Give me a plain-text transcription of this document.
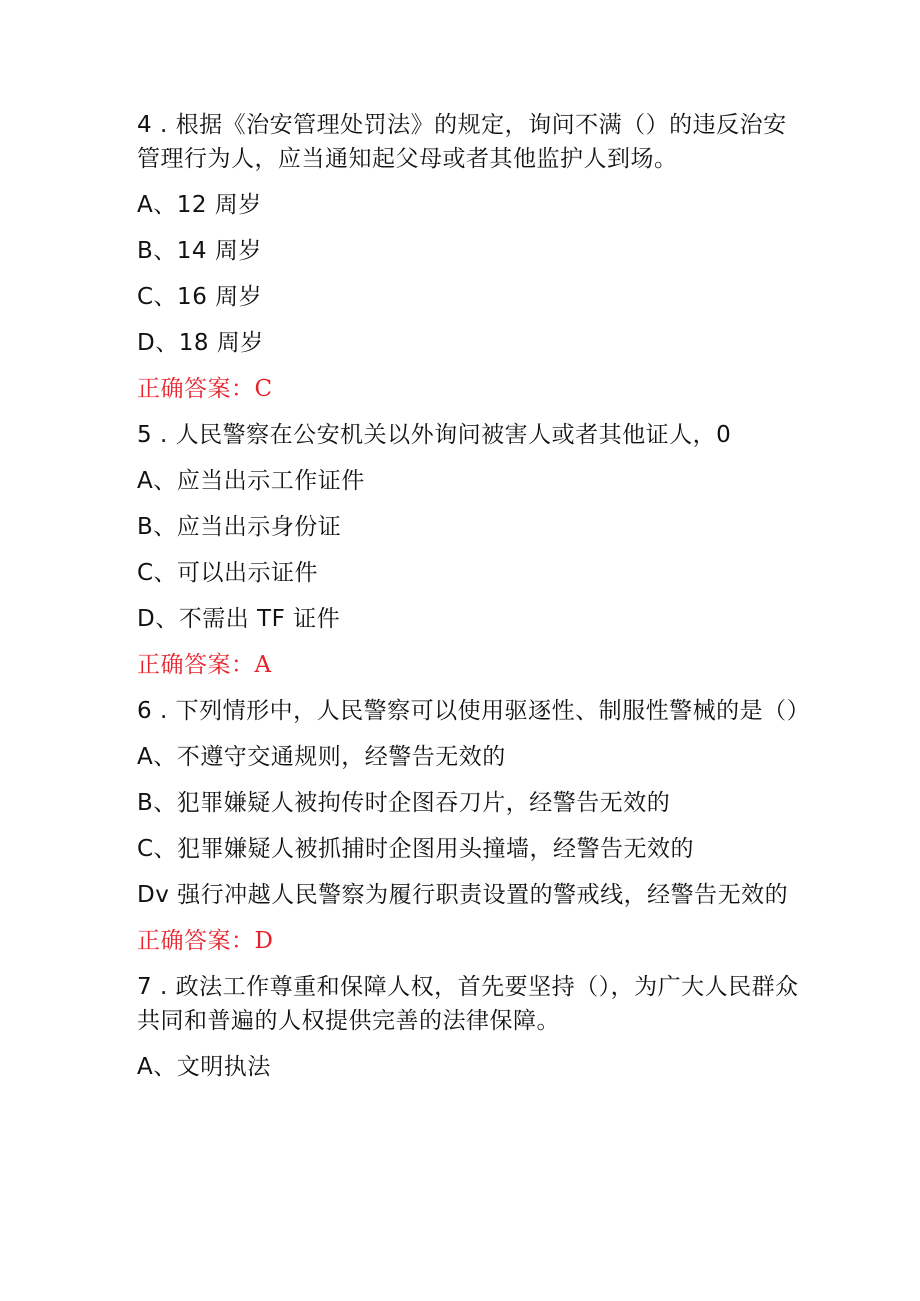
4 . 根据《治安管理处罚法》的规定，询问不满（）的违反治安管理行为人，应当通知起父母或者其他监护人到场。
A、12 周岁
B、14 周岁
C、16 周岁
D、18 周岁
正确答案：C
5 . 人民警察在公安机关以外询问被害人或者其他证人，0
A、应当出示工作证件
B、应当出示身份证
C、可以出示证件
D、不需出 TF 证件
正确答案：A
6 . 下列情形中，人民警察可以使用驱逐性、制服性警械的是（）
A、不遵守交通规则，经警告无效的
B、犯罪嫌疑人被拘传时企图吞刀片，经警告无效的
C、犯罪嫌疑人被抓捕时企图用头撞墙，经警告无效的
Dv 强行冲越人民警察为履行职责设置的警戒线，经警告无效的
正确答案：D
7 . 政法工作尊重和保障人权，首先要坚持（），为广大人民群众共同和普遍的人权提供完善的法律保障。
A、文明执法
